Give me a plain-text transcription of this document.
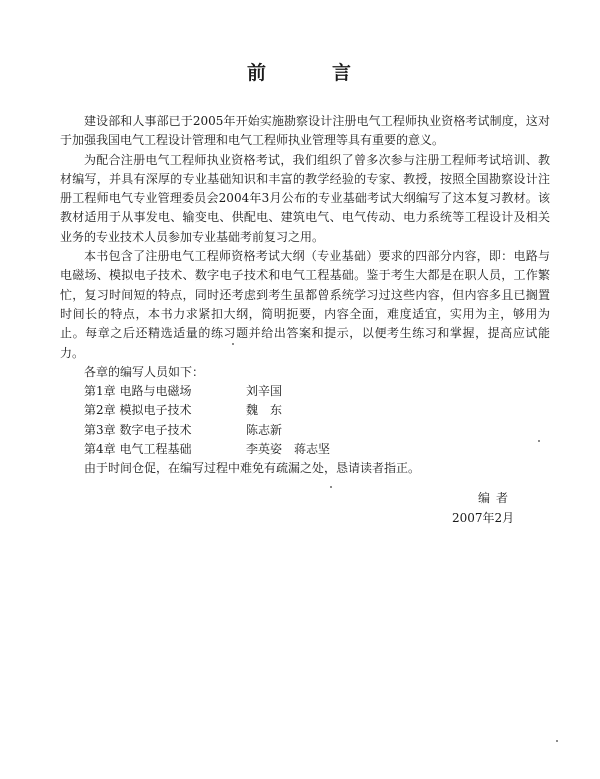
前	言

建设部和人事部已于2005年开始实施勘察设计注册电气工程师执业资格考试制度，这对于加强我国电气工程设计管理和电气工程师执业管理等具有重要的意义。

为配合注册电气工程师执业资格考试，我们组织了曾多次参与注册工程师考试培训、教材编写，并具有深厚的专业基础知识和丰富的教学经验的专家、教授，按照全国勘察设计注册工程师电气专业管理委员会2004年3月公布的专业基础考试大纲编写了这本复习教材。该教材适用于从事发电、输变电、供配电、建筑电气、电气传动、电力系统等工程设计及相关业务的专业技术人员参加专业基础考前复习之用。

本书包含了注册电气工程师资格考试大纲（专业基础）要求的四部分内容，即：电路与电磁场、模拟电子技术、数字电子技术和电气工程基础。鉴于考生大都是在职人员，工作繁忙，复习时间短的特点，同时还考虑到考生虽都曾系统学习过这些内容，但内容多且已搁置时间长的特点，本书力求紧扣大纲，简明扼要，内容全面，难度适宜，实用为主，够用为止。每章之后还精选适量的练习题并给出答案和提示，以便考生练习和掌握，提高应试能力。

各章的编写人员如下：

第1章 电路与电磁场	刘辛国
第2章 模拟电子技术	魏　东
第3章 数字电子技术	陈志新
第4章 电气工程基础	李英姿　蒋志坚

由于时间仓促，在编写过程中难免有疏漏之处，恳请读者指正。

编者
2007年2月
